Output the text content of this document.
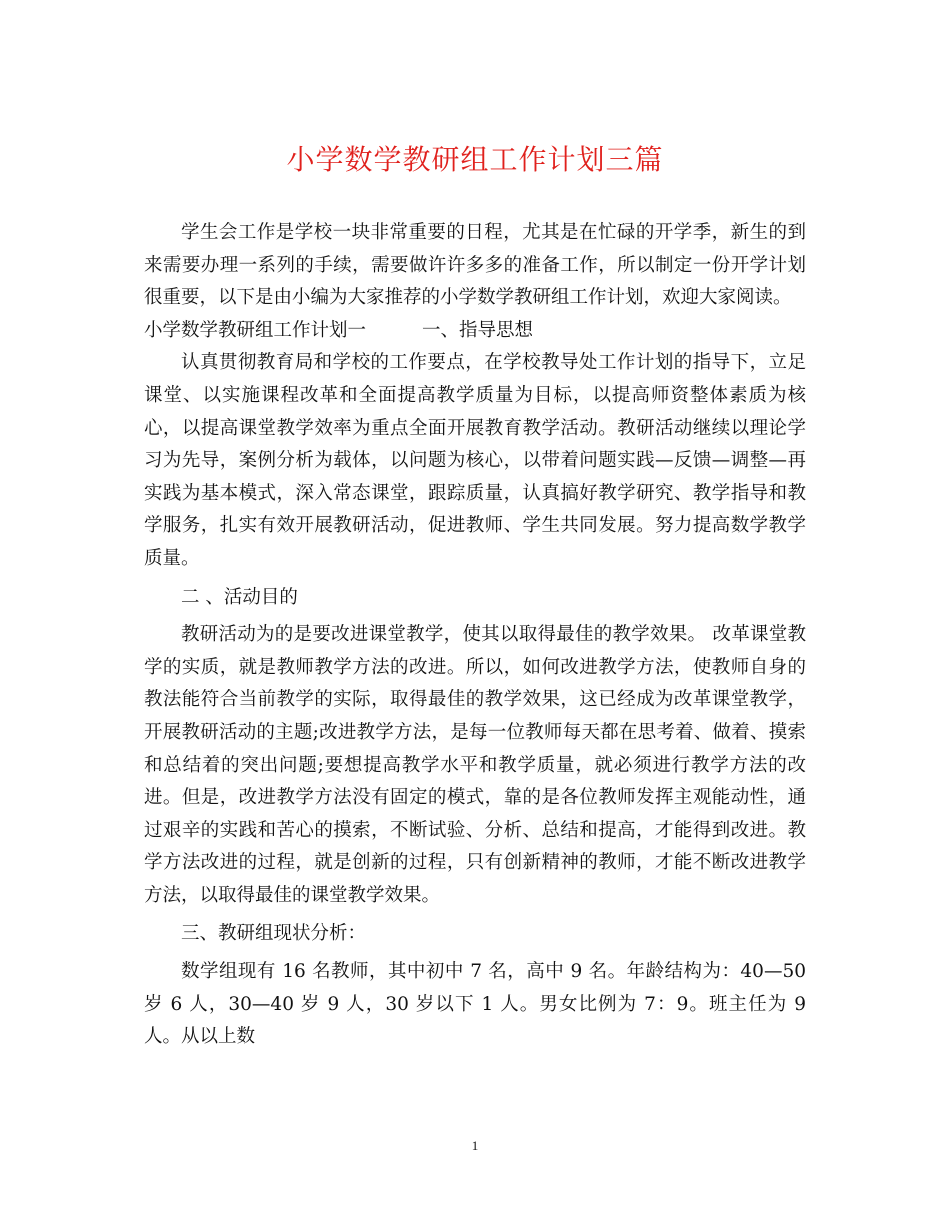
小学数学教研组工作计划三篇

学生会工作是学校一块非常重要的日程，尤其是在忙碌的开学季，新生的到来需要办理一系列的手续，需要做许许多多的准备工作，所以制定一份开学计划很重要，以下是由小编为大家推荐的小学数学教研组工作计划，欢迎大家阅读。

小学数学教研组工作计划一	一、指导思想

认真贯彻教育局和学校的工作要点，在学校教导处工作计划的指导下，立足课堂、以实施课程改革和全面提高教学质量为目标，以提高师资整体素质为核心，以提高课堂教学效率为重点全面开展教育教学活动。教研活动继续以理论学习为先导，案例分析为载体，以问题为核心，以带着问题实践—反馈—调整—再实践为基本模式，深入常态课堂，跟踪质量，认真搞好教学研究、教学指导和教学服务，扎实有效开展教研活动，促进教师、学生共同发展。努力提高数学教学质量。

二 、活动目的

教研活动为的是要改进课堂教学，使其以取得最佳的教学效果。 改革课堂教学的实质，就是教师教学方法的改进。所以，如何改进教学方法，使教师自身的教法能符合当前教学的实际，取得最佳的教学效果，这已经成为改革课堂教学，开展教研活动的主题;改进教学方法，是每一位教师每天都在思考着、做着、摸索和总结着的突出问题;要想提高教学水平和教学质量，就必须进行教学方法的改进。但是，改进教学方法没有固定的模式，靠的是各位教师发挥主观能动性，通过艰辛的实践和苦心的摸索，不断试验、分析、总结和提高，才能得到改进。教学方法改进的过程，就是创新的过程，只有创新精神的教师，才能不断改进教学方法，以取得最佳的课堂教学效果。

三、教研组现状分析：

数学组现有 16 名教师，其中初中 7 名，高中 9 名。年龄结构为：40—50 岁 6 人，30—40 岁 9 人，30 岁以下 1 人。男女比例为 7：9。班主任为 9 人。从以上数

1
